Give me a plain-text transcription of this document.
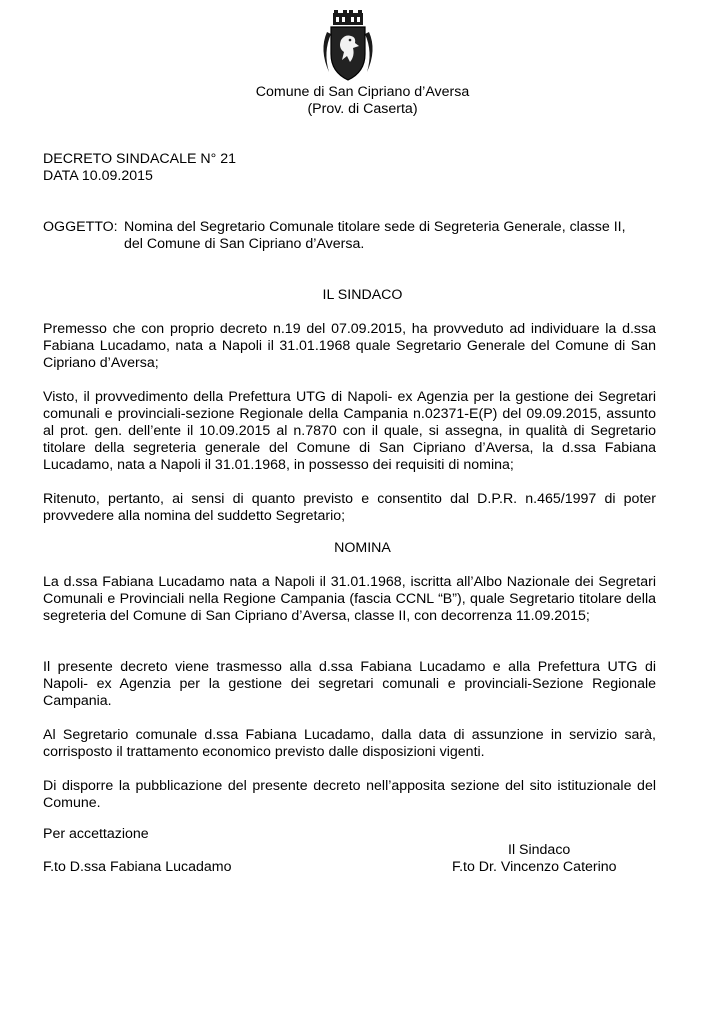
Comune di San Cipriano d’Aversa
(Prov. di Caserta)
DECRETO SINDACALE N° 21
DATA 10.09.2015
OGGETTO: Nomina del Segretario Comunale titolare sede di Segreteria Generale, classe II,
del Comune di San Cipriano d’Aversa.
IL SINDACO

Premesso che con proprio decreto n.19 del 07.09.2015, ha provveduto ad individuare la d.ssa Fabiana Lucadamo, nata a Napoli il 31.01.1968 quale Segretario Generale del Comune di San Cipriano d’Aversa;

Visto, il provvedimento della Prefettura UTG di Napoli- ex Agenzia per la gestione dei Segretari comunali e provinciali-sezione Regionale della Campania n.02371-E(P) del 09.09.2015, assunto al prot. gen. dell’ente il 10.09.2015 al n.7870 con il quale, si assegna, in qualità di Segretario titolare della segreteria generale del Comune di San Cipriano d’Aversa, la d.ssa Fabiana Lucadamo, nata a Napoli il 31.01.1968, in possesso dei requisiti di nomina;

Ritenuto, pertanto, ai sensi di quanto previsto e consentito dal D.P.R. n.465/1997 di poter provvedere alla nomina del suddetto Segretario;

NOMINA

La d.ssa Fabiana Lucadamo nata a Napoli il 31.01.1968, iscritta all’Albo Nazionale dei Segretari Comunali e Provinciali nella Regione Campania (fascia CCNL “B”), quale Segretario titolare della segreteria del Comune di San Cipriano d’Aversa, classe II, con decorrenza 11.09.2015;

Il presente decreto viene trasmesso alla d.ssa Fabiana Lucadamo e alla Prefettura UTG di Napoli- ex Agenzia per la gestione dei segretari comunali e provinciali-Sezione Regionale Campania.

Al Segretario comunale d.ssa Fabiana Lucadamo, dalla data di assunzione in servizio sarà, corrisposto il trattamento economico previsto dalle disposizioni vigenti.

Di disporre la pubblicazione del presente decreto nell’apposita sezione del sito istituzionale del Comune.

Per accettazione
Il Sindaco
F.to D.ssa Fabiana Lucadamo	F.to Dr. Vincenzo Caterino
